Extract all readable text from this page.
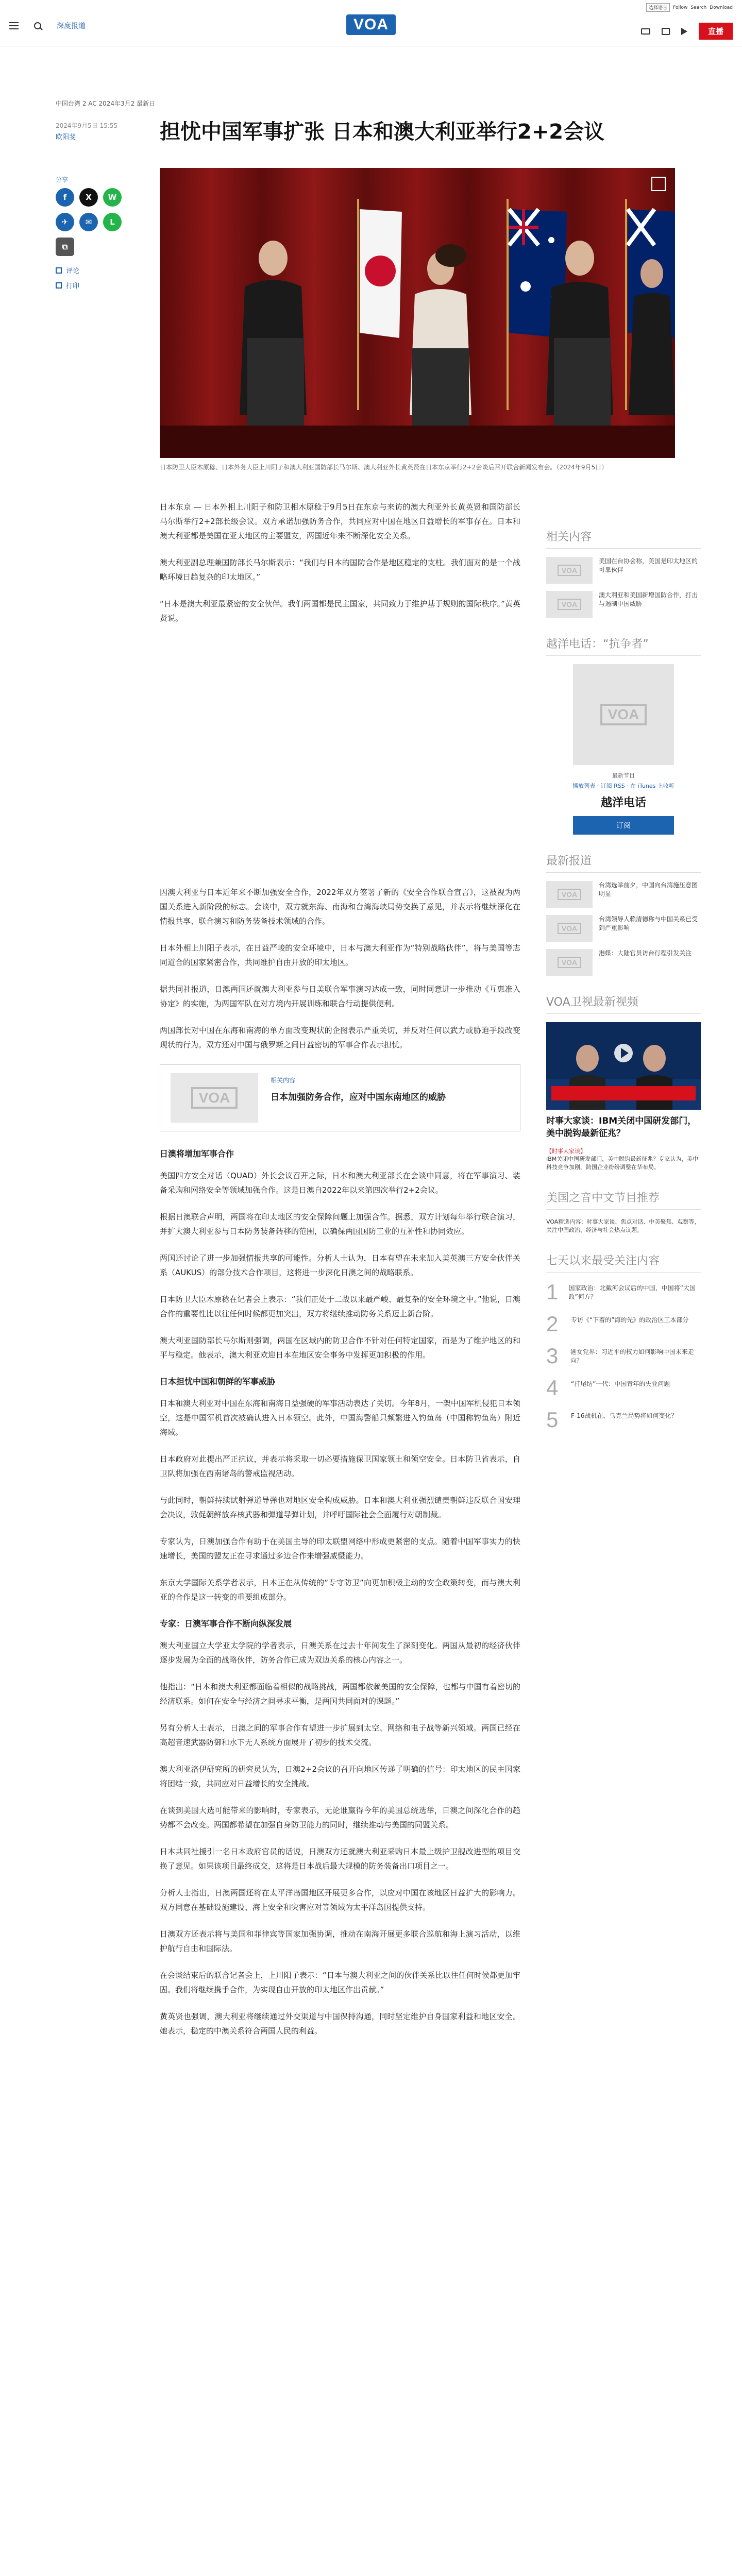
深度报道	VOA
选择语言	Follow Search Download
直播
中国台湾 2 AC 2024年3月2 最新日
2024年9月5日 15:55
欧阳斐	担忧中国军事扩张 日本和澳大利亚举行2+2会议
分享
f	X	W
✈	✉	L
⧉
评论
打印
日本防卫大臣木原稔、日本外务大臣上川阳子和澳大利亚国防部长马尔斯、澳大利亚外长黄英贤在日本东京举行2+2会谈后召开联合新闻发布会。（2024年9月5日）

日本东京 — 日本外相上川阳子和防卫相木原稔于9月5日在东京与来访的澳大利亚外长黄英贤和国防部长马尔斯举行2+2部长级会议。双方承诺加强防务合作，共同应对中国在地区日益增长的军事存在。日本和澳大利亚都是美国在亚太地区的主要盟友，两国近年来不断深化安全关系。

澳大利亚副总理兼国防部长马尔斯表示：“我们与日本的国防合作是地区稳定的支柱。我们面对的是一个战略环境日趋复杂的印太地区。”

“日本是澳大利亚最紧密的安全伙伴。我们两国都是民主国家，共同致力于维护基于规则的国际秩序。”黄英贤说。

因澳大利亚与日本近年来不断加强安全合作，2022年双方签署了新的《安全合作联合宣言》，这被视为两国关系进入新阶段的标志。会谈中，双方就东海、南海和台湾海峡局势交换了意见，并表示将继续深化在情报共享、联合演习和防务装备技术领域的合作。

日本外相上川阳子表示，在日益严峻的安全环境中，日本与澳大利亚作为“特别战略伙伴”，将与美国等志同道合的国家紧密合作，共同维护自由开放的印太地区。

据共同社报道，日澳两国还就澳大利亚参与日美联合军事演习达成一致，同时同意进一步推动《互惠准入协定》的实施，为两国军队在对方境内开展训练和联合行动提供便利。

两国部长对中国在东海和南海的单方面改变现状的企图表示严重关切，并反对任何以武力或胁迫手段改变现状的行为。双方还对中国与俄罗斯之间日益密切的军事合作表示担忧。

VOA
相关内容
日本加强防务合作，应对中国东南地区的威胁
日澳将增加军事合作

美国四方安全对话（QUAD）外长会议召开之际，日本和澳大利亚部长在会谈中同意，将在军事演习、装备采购和网络安全等领域加强合作。这是日澳自2022年以来第四次举行2+2会议。

根据日澳联合声明，两国将在印太地区的安全保障问题上加强合作。据悉，双方计划每年举行联合演习，并扩大澳大利亚参与日本防务装备转移的范围，以确保两国国防工业的互补性和协同效应。

两国还讨论了进一步加强情报共享的可能性。分析人士认为，日本有望在未来加入美英澳三方安全伙伴关系（AUKUS）的部分技术合作项目，这将进一步深化日澳之间的战略联系。

日本防卫大臣木原稔在记者会上表示：“我们正处于二战以来最严峻、最复杂的安全环境之中。”他说，日澳合作的重要性比以往任何时候都更加突出，双方将继续推动防务关系迈上新台阶。

澳大利亚国防部长马尔斯则强调，两国在区域内的防卫合作不针对任何特定国家，而是为了维护地区的和平与稳定。他表示，澳大利亚欢迎日本在地区安全事务中发挥更加积极的作用。

日本担忧中国和朝鲜的军事威胁

日本和澳大利亚对中国在东海和南海日益强硬的军事活动表达了关切。今年8月，一架中国军机侵犯日本领空，这是中国军机首次被确认进入日本领空。此外，中国海警船只频繁进入钓鱼岛（中国称钓鱼岛）附近海域。

日本政府对此提出严正抗议，并表示将采取一切必要措施保卫国家领土和领空安全。日本防卫省表示，自卫队将加强在西南诸岛的警戒监视活动。

与此同时，朝鲜持续试射弹道导弹也对地区安全构成威胁。日本和澳大利亚强烈谴责朝鲜违反联合国安理会决议，敦促朝鲜放弃核武器和弹道导弹计划，并呼吁国际社会全面履行对朝制裁。

专家认为，日澳加强合作有助于在美国主导的印太联盟网络中形成更紧密的支点。随着中国军事实力的快速增长，美国的盟友正在寻求通过多边合作来增强威慑能力。

东京大学国际关系学者表示，日本正在从传统的“专守防卫”向更加积极主动的安全政策转变，而与澳大利亚的合作是这一转变的重要组成部分。

专家：日澳军事合作不断向纵深发展

澳大利亚国立大学亚太学院的学者表示，日澳关系在过去十年间发生了深刻变化。两国从最初的经济伙伴逐步发展为全面的战略伙伴，防务合作已成为双边关系的核心内容之一。

他指出：“日本和澳大利亚都面临着相似的战略挑战，两国都依赖美国的安全保障，也都与中国有着密切的经济联系。如何在安全与经济之间寻求平衡，是两国共同面对的课题。”

另有分析人士表示，日澳之间的军事合作有望进一步扩展到太空、网络和电子战等新兴领域。两国已经在高超音速武器防御和水下无人系统方面展开了初步的技术交流。

澳大利亚洛伊研究所的研究员认为，日澳2+2会议的召开向地区传递了明确的信号：印太地区的民主国家将团结一致，共同应对日益增长的安全挑战。

在谈到美国大选可能带来的影响时，专家表示，无论谁赢得今年的美国总统选举，日澳之间深化合作的趋势都不会改变。两国都希望在加强自身防卫能力的同时，继续推动与美国的同盟关系。

日本共同社援引一名日本政府官员的话说，日澳双方还就澳大利亚采购日本最上级护卫舰改进型的项目交换了意见。如果该项目最终成交，这将是日本战后最大规模的防务装备出口项目之一。

分析人士指出，日澳两国还将在太平洋岛国地区开展更多合作，以应对中国在该地区日益扩大的影响力。双方同意在基础设施建设、海上安全和灾害应对等领域为太平洋岛国提供支持。

日澳双方还表示将与美国和菲律宾等国家加强协调，推动在南海开展更多联合巡航和海上演习活动，以维护航行自由和国际法。

在会谈结束后的联合记者会上，上川阳子表示：“日本与澳大利亚之间的伙伴关系比以往任何时候都更加牢固。我们将继续携手合作，为实现自由开放的印太地区作出贡献。”

黄英贤也强调，澳大利亚将继续通过外交渠道与中国保持沟通，同时坚定维护自身国家利益和地区安全。她表示，稳定的中澳关系符合两国人民的利益。

相关内容
VOA
美国在台协会称，美国是印太地区的可靠伙伴
VOA
澳大利亚和美国新增国防合作，打击与遏制中国威胁
越洋电话：“抗争者”
VOA
最新节目
播放列表 · 订阅 RSS · 在 iTunes 上收听
越洋电话
订阅
最新报道
VOA
台湾选举前夕，中国向台湾施压意图明显
VOA
台湾领导人赖清德称与中国关系已受到严重影响
VOA
港媒：大陆官员访台行程引发关注
VOA卫视最新视频
时事大家谈：IBM关闭中国研发部门，美中脱钩最新征兆？
【时事大家谈】
IBM关闭中国研发部门，美中脱钩最新征兆？专家认为，美中科技竞争加剧，跨国企业纷纷调整在华布局。
美国之音中文节目推荐
VOA精选内容：时事大家谈、焦点对话、中美聚焦、观察等，关注中国政治、经济与社会热点议题。
七天以来最受关注内容
1 国家政治：北戴河会议后的中国，中国将“大国政”何方？
2	专访《“下着的”海的先》的政治区工本部分
3	港女党界：习近平的权力如何影响中国未来走向？
4	“打尾结”一代：中国青年的失业问题
5	F-16战机在，乌克兰局势将如何变化？
